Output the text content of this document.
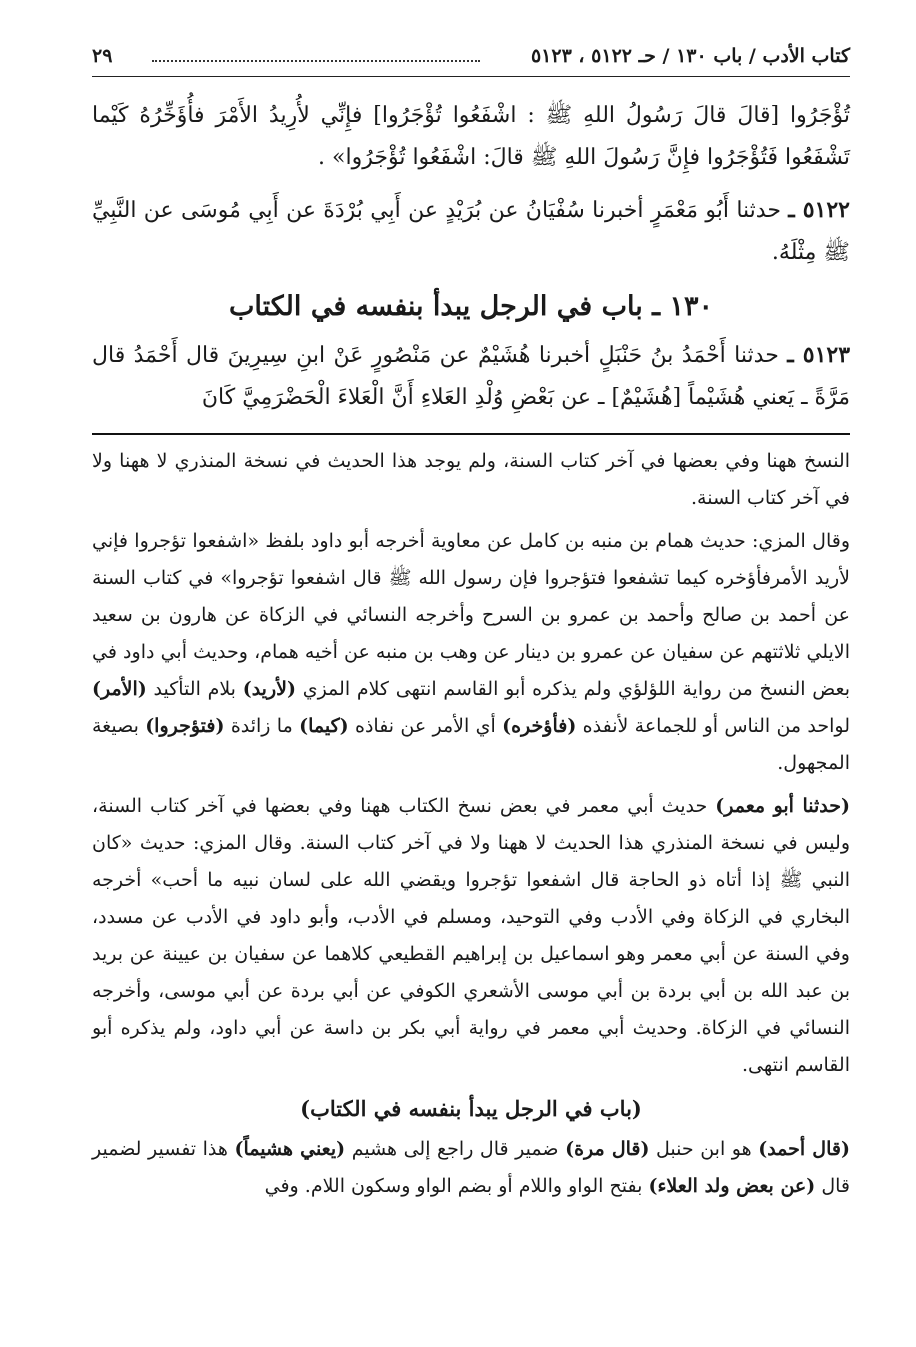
كتاب الأدب / باب ١٣٠ / حـ ٥١٢٢ ، ٥١٢٣
٢٩

تُؤْجَرُوا [قالَ قالَ رَسُولُ اللهِ ﷺ : اشْفَعُوا تُؤْجَرُوا] فإِنِّي لأُرِيدُ الأَمْرَ فأُؤَخِّرُهُ كَيْما تَشْفَعُوا فَتُؤْجَرُوا فإِنَّ رَسُولَ اللهِ ﷺ قالَ: اشْفَعُوا تُؤْجَرُوا» .

٥١٢٢ ـ حدثنا أَبُو مَعْمَرٍ أخبرنا سُفْيَانُ عن بُرَيْدٍ عن أَبِي بُرْدَةَ عن أَبِي مُوسَى عن النَّبِيِّ ﷺ مِثْلَهُ.

١٣٠ ـ باب في الرجل يبدأ بنفسه في الكتاب

٥١٢٣ ـ حدثنا أَحْمَدُ بنُ حَنْبَلٍ أخبرنا هُشَيْمٌ عن مَنْصُورٍ عَنْ ابنِ سِيرِينَ قال أَحْمَدُ قال مَرَّةً ـ يَعني هُشَيْماً [هُشَيْمٌ] ـ عن بَعْضِ وُلْدِ العَلاءِ أَنَّ الْعَلاءَ الْحَضْرَمِيَّ كَانَ

النسخ ههنا وفي بعضها في آخر كتاب السنة، ولم يوجد هذا الحديث في نسخة المنذري لا ههنا ولا في آخر كتاب السنة.

وقال المزي: حديث همام بن منبه بن كامل عن معاوية أخرجه أبو داود بلفظ «اشفعوا تؤجروا فإني لأريد الأمرفأؤخره كيما تشفعوا فتؤجروا فإن رسول الله ﷺ قال اشفعوا تؤجروا» في كتاب السنة عن أحمد بن صالح وأحمد بن عمرو بن السرح وأخرجه النسائي في الزكاة عن هارون بن سعيد الايلي ثلاثتهم عن سفيان عن عمرو بن دينار عن وهب بن منبه عن أخيه همام، وحديث أبي داود في بعض النسخ من رواية اللؤلؤي ولم يذكره أبو القاسم انتهى كلام المزي (لأريد) بلام التأكيد (الأمر) لواحد من الناس أو للجماعة لأنفذه (فأؤخره) أي الأمر عن نفاذه (كيما) ما زائدة (فتؤجروا) بصيغة المجهول.

(حدثنا أبو معمر) حديث أبي معمر في بعض نسخ الكتاب ههنا وفي بعضها في آخر كتاب السنة، وليس في نسخة المنذري هذا الحديث لا ههنا ولا في آخر كتاب السنة. وقال المزي: حديث «كان النبي ﷺ إذا أتاه ذو الحاجة قال اشفعوا تؤجروا ويقضي الله على لسان نبيه ما أحب» أخرجه البخاري في الزكاة وفي الأدب وفي التوحيد، ومسلم في الأدب، وأبو داود في الأدب عن مسدد، وفي السنة عن أبي معمر وهو اسماعيل بن إبراهيم القطيعي كلاهما عن سفيان بن عيينة عن بريد بن عبد الله بن أبي بردة بن أبي موسى الأشعري الكوفي عن أبي بردة عن أبي موسى، وأخرجه النسائي في الزكاة. وحديث أبي معمر في رواية أبي بكر بن داسة عن أبي داود، ولم يذكره أبو القاسم انتهى.

(باب في الرجل يبدأ بنفسه في الكتاب)

(قال أحمد) هو ابن حنبل (قال مرة) ضمير قال راجع إلى هشيم (يعني هشيماً) هذا تفسير لضمير قال (عن بعض ولد العلاء) بفتح الواو واللام أو بضم الواو وسكون اللام. وفي
